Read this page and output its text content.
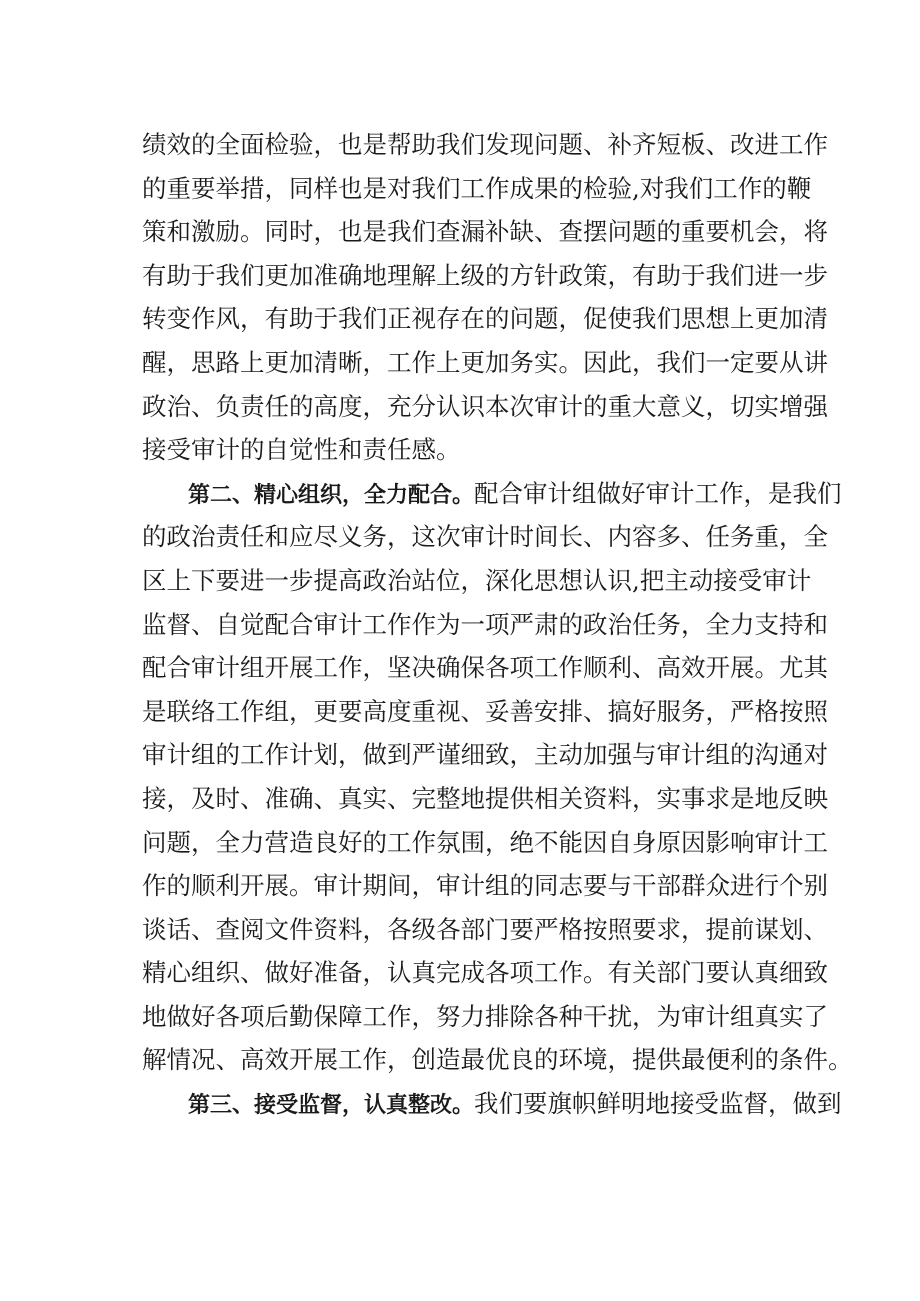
绩效的全面检验，也是帮助我们发现问题、补齐短板、改进工作
的重要举措，同样也是对我们工作成果的检验,对我们工作的鞭
策和激励。同时，也是我们查漏补缺、查摆问题的重要机会，将
有助于我们更加准确地理解上级的方针政策，有助于我们进一步
转变作风，有助于我们正视存在的问题，促使我们思想上更加清
醒，思路上更加清晰，工作上更加务实。因此，我们一定要从讲
政治、负责任的高度，充分认识本次审计的重大意义，切实增强
接受审计的自觉性和责任感。
第二、精心组织，全力配合。配合审计组做好审计工作，是我们
的政治责任和应尽义务，这次审计时间长、内容多、任务重，全
区上下要进一步提高政治站位，深化思想认识,把主动接受审计
监督、自觉配合审计工作作为一项严肃的政治任务，全力支持和
配合审计组开展工作，坚决确保各项工作顺利、高效开展。尤其
是联络工作组，更要高度重视、妥善安排、搞好服务，严格按照
审计组的工作计划，做到严谨细致，主动加强与审计组的沟通对
接，及时、准确、真实、完整地提供相关资料，实事求是地反映
问题，全力营造良好的工作氛围，绝不能因自身原因影响审计工
作的顺利开展。审计期间，审计组的同志要与干部群众进行个别
谈话、查阅文件资料，各级各部门要严格按照要求，提前谋划、
精心组织、做好准备，认真完成各项工作。有关部门要认真细致
地做好各项后勤保障工作，努力排除各种干扰，为审计组真实了
解情况、高效开展工作，创造最优良的环境，提供最便利的条件。
第三、接受监督，认真整改。我们要旗帜鲜明地接受监督，做到
